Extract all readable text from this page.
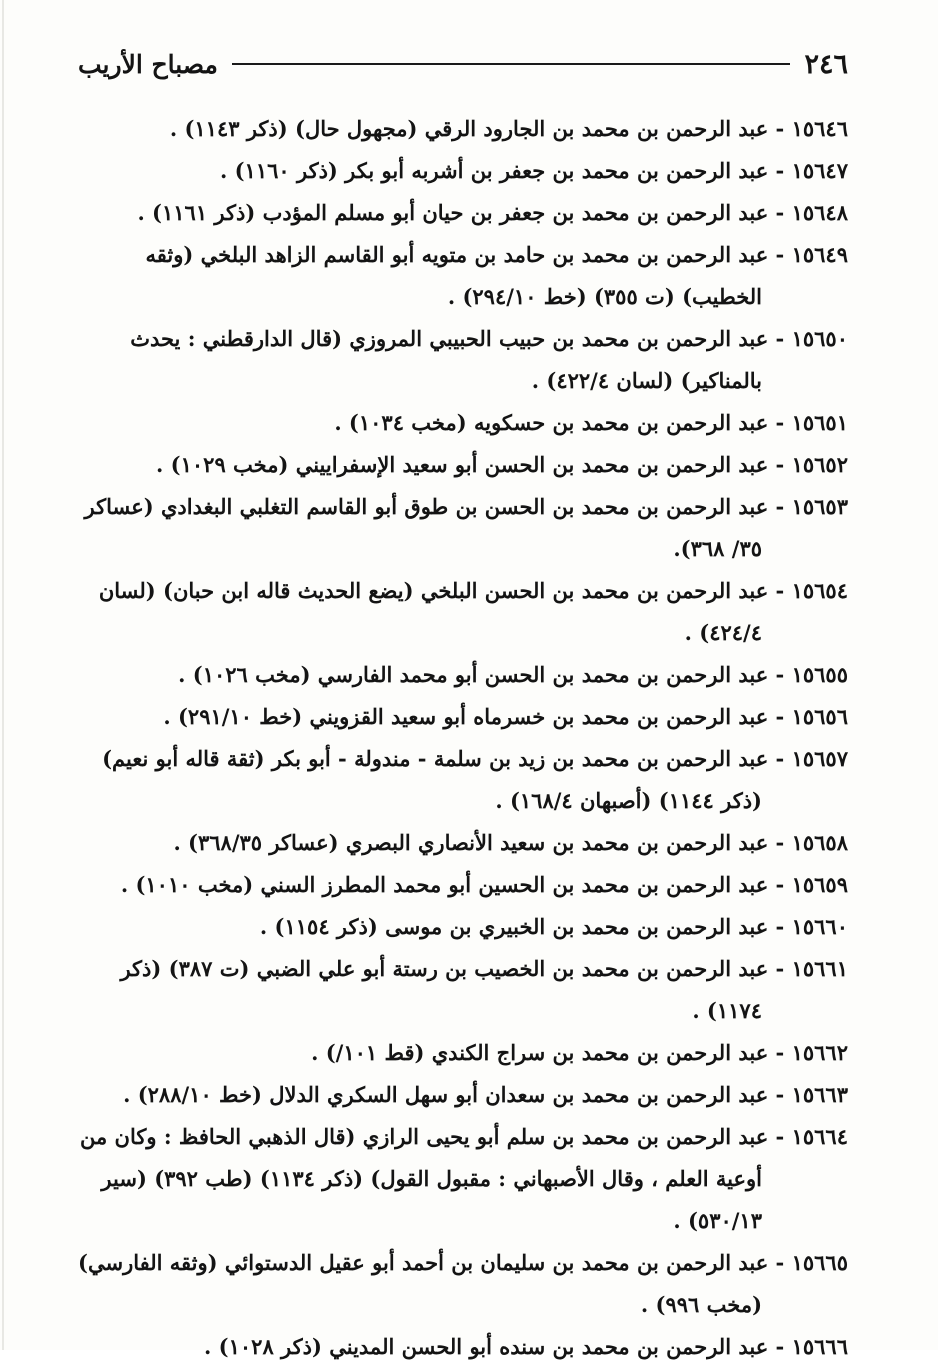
٢٤٦
مصباح الأريب
١٥٦٤٦ - عبد الرحمن بن محمد بن الجارود الرقي (مجهول حال) (ذكر ١١٤٣) .
١٥٦٤٧ - عبد الرحمن بن محمد بن جعفر بن أشربه أبو بكر (ذكر ١١٦٠) .
١٥٦٤٨ - عبد الرحمن بن محمد بن جعفر بن حيان أبو مسلم المؤدب (ذكر ١١٦١) .
١٥٦٤٩ - عبد الرحمن بن محمد بن حامد بن متويه أبو القاسم الزاهد البلخي (وثقه الخطيب) (ت ٣٥٥) (خط ٢٩٤/١٠) .
١٥٦٥٠ - عبد الرحمن بن محمد بن حبيب الحبيبي المروزي (قال الدارقطني : يحدث بالمناكير) (لسان ٤٢٢/٤) .
١٥٦٥١ - عبد الرحمن بن محمد بن حسكويه (مخب ١٠٣٤) .
١٥٦٥٢ - عبد الرحمن بن محمد بن الحسن أبو سعيد الإسفراييني (مخب ١٠٢٩) .
١٥٦٥٣ - عبد الرحمن بن محمد بن الحسن بن طوق أبو القاسم التغلبي البغدادي (عساكر ٣٥/ ٣٦٨).
١٥٦٥٤ - عبد الرحمن بن محمد بن الحسن البلخي (يضع الحديث قاله ابن حبان) (لسان ٤٢٤/٤) .
١٥٦٥٥ - عبد الرحمن بن محمد بن الحسن أبو محمد الفارسي (مخب ١٠٢٦) .
١٥٦٥٦ - عبد الرحمن بن محمد بن خسرماه أبو سعيد القزويني (خط ٢٩١/١٠) .
١٥٦٥٧ - عبد الرحمن بن محمد بن زيد بن سلمة - مندولة - أبو بكر (ثقة قاله أبو نعيم) (ذكر ١١٤٤) (أصبهان ١٦٨/٤) .
١٥٦٥٨ - عبد الرحمن بن محمد بن سعيد الأنصاري البصري (عساكر ٣٦٨/٣٥) .
١٥٦٥٩ - عبد الرحمن بن محمد بن الحسين أبو محمد المطرز السني (مخب ١٠١٠) .
١٥٦٦٠ - عبد الرحمن بن محمد بن الخبيري بن موسى (ذكر ١١٥٤) .
١٥٦٦١ - عبد الرحمن بن محمد بن الخصيب بن رستة أبو علي الضبي (ت ٣٨٧) (ذكر ١١٧٤) .
١٥٦٦٢ - عبد الرحمن بن محمد بن سراج الكندي (قط ١٠١/) .
١٥٦٦٣ - عبد الرحمن بن محمد بن سعدان أبو سهل السكري الدلال (خط ٢٨٨/١٠) .
١٥٦٦٤ - عبد الرحمن بن محمد بن سلم أبو يحيى الرازي (قال الذهبي الحافظ : وكان من أوعية العلم ، وقال الأصبهاني : مقبول القول) (ذكر ١١٣٤) (طب ٣٩٢) (سير ٥٣٠/١٣) .
١٥٦٦٥ - عبد الرحمن بن محمد بن سليمان بن أحمد أبو عقيل الدستوائي (وثقه الفارسي) (مخب ٩٩٦) .
١٥٦٦٦ - عبد الرحمن بن محمد بن سنده أبو الحسن المديني (ذكر ١٠٢٨) .
